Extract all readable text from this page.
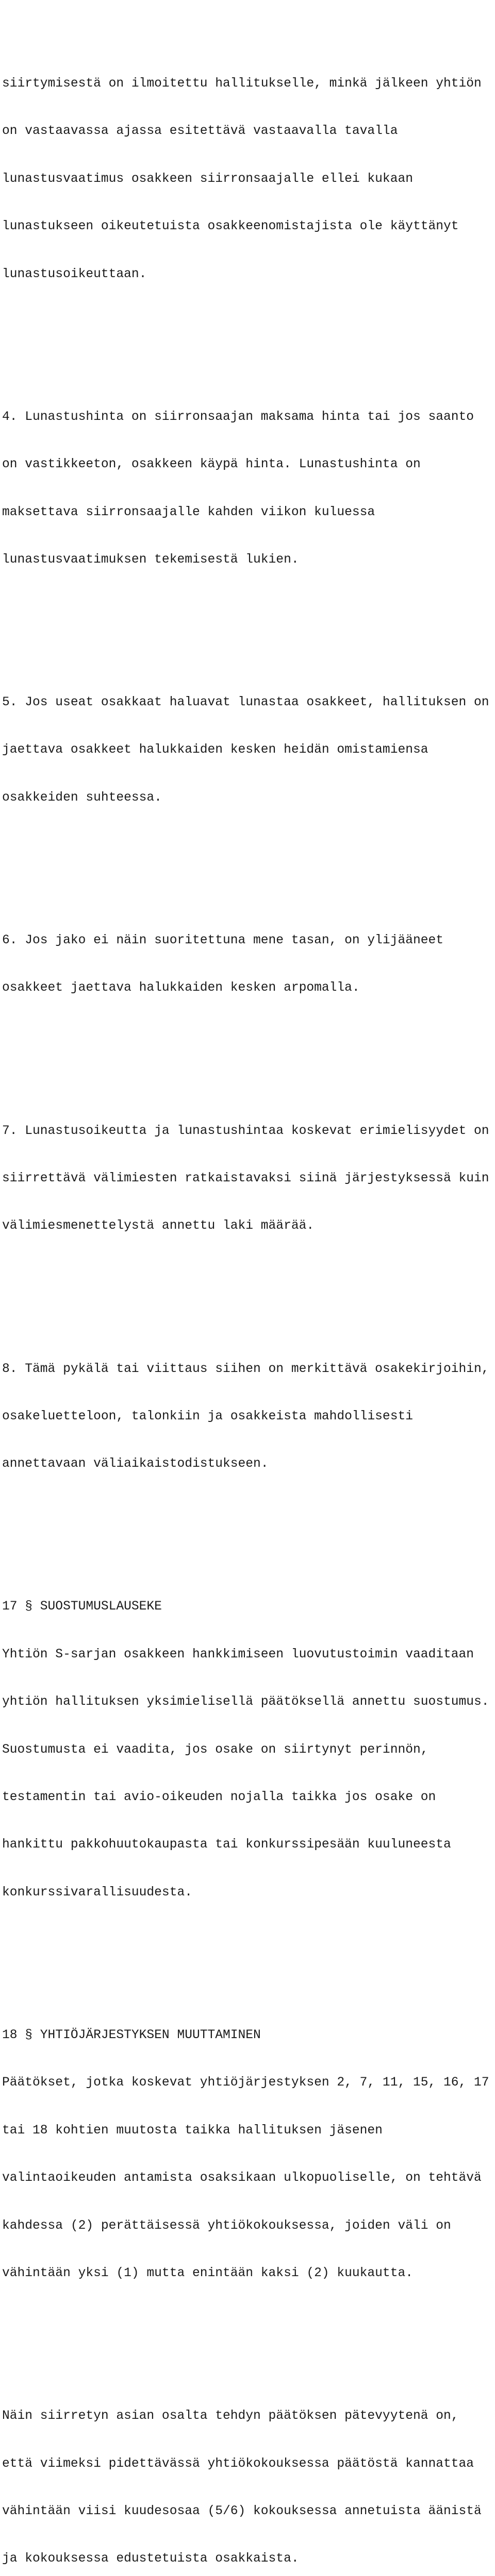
siirtymisestä on ilmoitettu hallitukselle, minkä jälkeen yhtiön

on vastaavassa ajassa esitettävä vastaavalla tavalla

lunastusvaatimus osakkeen siirronsaajalle ellei kukaan

lunastukseen oikeutetuista osakkeenomistajista ole käyttänyt

lunastusoikeuttaan.

4. Lunastushinta on siirronsaajan maksama hinta tai jos saanto

on vastikkeeton, osakkeen käypä hinta. Lunastushinta on

maksettava siirronsaajalle kahden viikon kuluessa

lunastusvaatimuksen tekemisestä lukien.

5. Jos useat osakkaat haluavat lunastaa osakkeet, hallituksen on

jaettava osakkeet halukkaiden kesken heidän omistamiensa

osakkeiden suhteessa.

6. Jos jako ei näin suoritettuna mene tasan, on ylijääneet

osakkeet jaettava halukkaiden kesken arpomalla.

7. Lunastusoikeutta ja lunastushintaa koskevat erimielisyydet on

siirrettävä välimiesten ratkaistavaksi siinä järjestyksessä kuin

välimiesmenettelystä annettu laki määrää.

8. Tämä pykälä tai viittaus siihen on merkittävä osakekirjoihin,

osakeluetteloon, talonkiin ja osakkeista mahdollisesti

annettavaan väliaikaistodistukseen.

17 § SUOSTUMUSLAUSEKE

Yhtiön S-sarjan osakkeen hankkimiseen luovutustoimin vaaditaan

yhtiön hallituksen yksimielisellä päätöksellä annettu suostumus.

Suostumusta ei vaadita, jos osake on siirtynyt perinnön,

testamentin tai avio-oikeuden nojalla taikka jos osake on

hankittu pakkohuutokaupasta tai konkurssipesään kuuluneesta

konkurssivarallisuudesta.

18 § YHTIÖJÄRJESTYKSEN MUUTTAMINEN

Päätökset, jotka koskevat yhtiöjärjestyksen 2, 7, 11, 15, 16, 17

tai 18 kohtien muutosta taikka hallituksen jäsenen

valintaoikeuden antamista osaksikaan ulkopuoliselle, on tehtävä

kahdessa (2) perättäisessä yhtiökokouksessa, joiden väli on

vähintään yksi (1) mutta enintään kaksi (2) kuukautta.

Näin siirretyn asian osalta tehdyn päätöksen pätevyytenä on,

että viimeksi pidettävässä yhtiökokouksessa päätöstä kannattaa

vähintään viisi kuudesosaa (5/6) kokouksessa annetuista äänistä

ja kokouksessa edustetuista osakkaista.
